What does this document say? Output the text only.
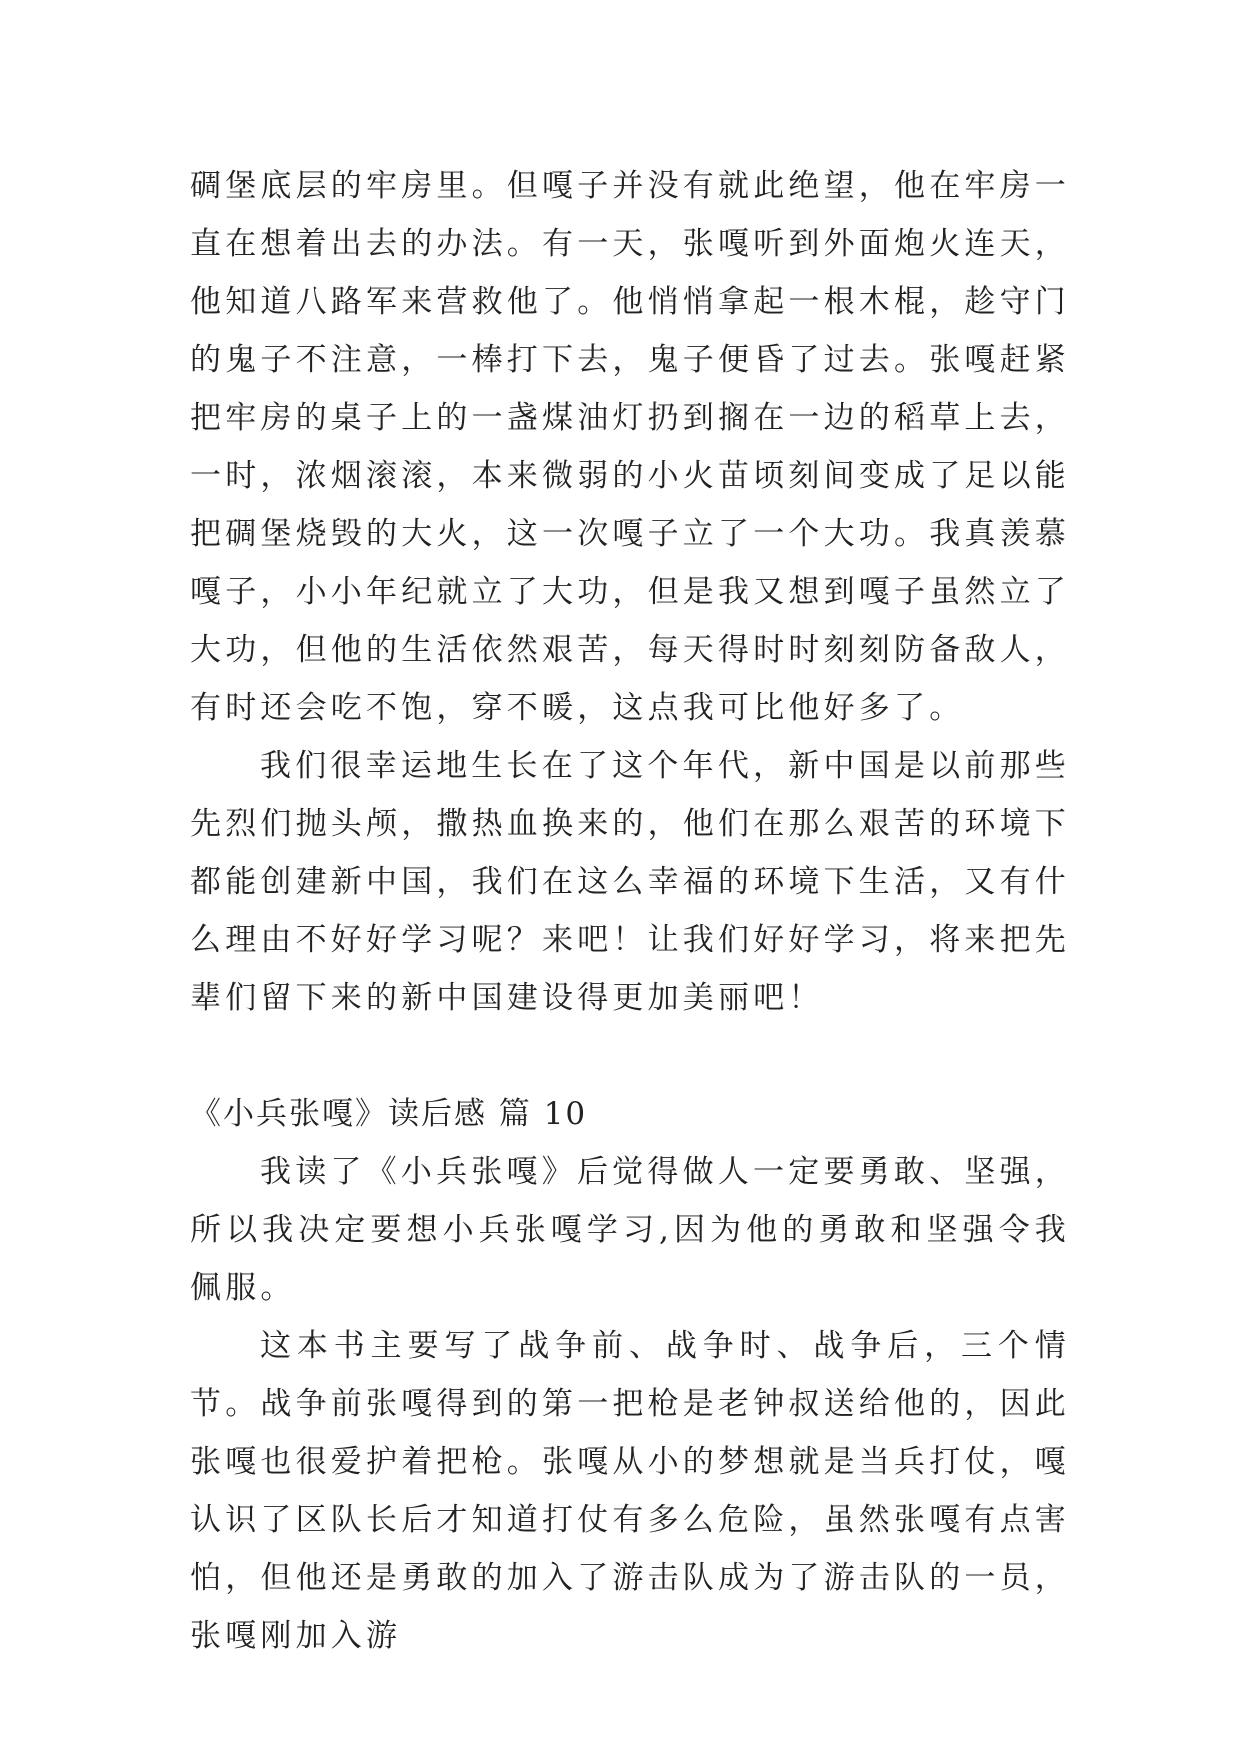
碉堡底层的牢房里。但嘎子并没有就此绝望，他在牢房一直在想着出去的办法。有一天，张嘎听到外面炮火连天，他知道八路军来营救他了。他悄悄拿起一根木棍，趁守门的鬼子不注意，一棒打下去，鬼子便昏了过去。张嘎赶紧把牢房的桌子上的一盏煤油灯扔到搁在一边的稻草上去，一时，浓烟滚滚，本来微弱的小火苗顷刻间变成了足以能把碉堡烧毁的大火，这一次嘎子立了一个大功。我真羡慕嘎子，小小年纪就立了大功，但是我又想到嘎子虽然立了大功，但他的生活依然艰苦，每天得时时刻刻防备敌人，有时还会吃不饱，穿不暖，这点我可比他好多了。

我们很幸运地生长在了这个年代，新中国是以前那些先烈们抛头颅，撒热血换来的，他们在那么艰苦的环境下都能创建新中国，我们在这么幸福的环境下生活，又有什么理由不好好学习呢？来吧！让我们好好学习，将来把先辈们留下来的新中国建设得更加美丽吧！

《小兵张嘎》读后感 篇 10

我读了《小兵张嘎》后觉得做人一定要勇敢、坚强，所以我决定要想小兵张嘎学习,因为他的勇敢和坚强令我佩服。

这本书主要写了战争前、战争时、战争后，三个情节。战争前张嘎得到的第一把枪是老钟叔送给他的，因此张嘎也很爱护着把枪。张嘎从小的梦想就是当兵打仗，嘎认识了区队长后才知道打仗有多么危险，虽然张嘎有点害怕，但他还是勇敢的加入了游击队成为了游击队的一员，张嘎刚加入游
